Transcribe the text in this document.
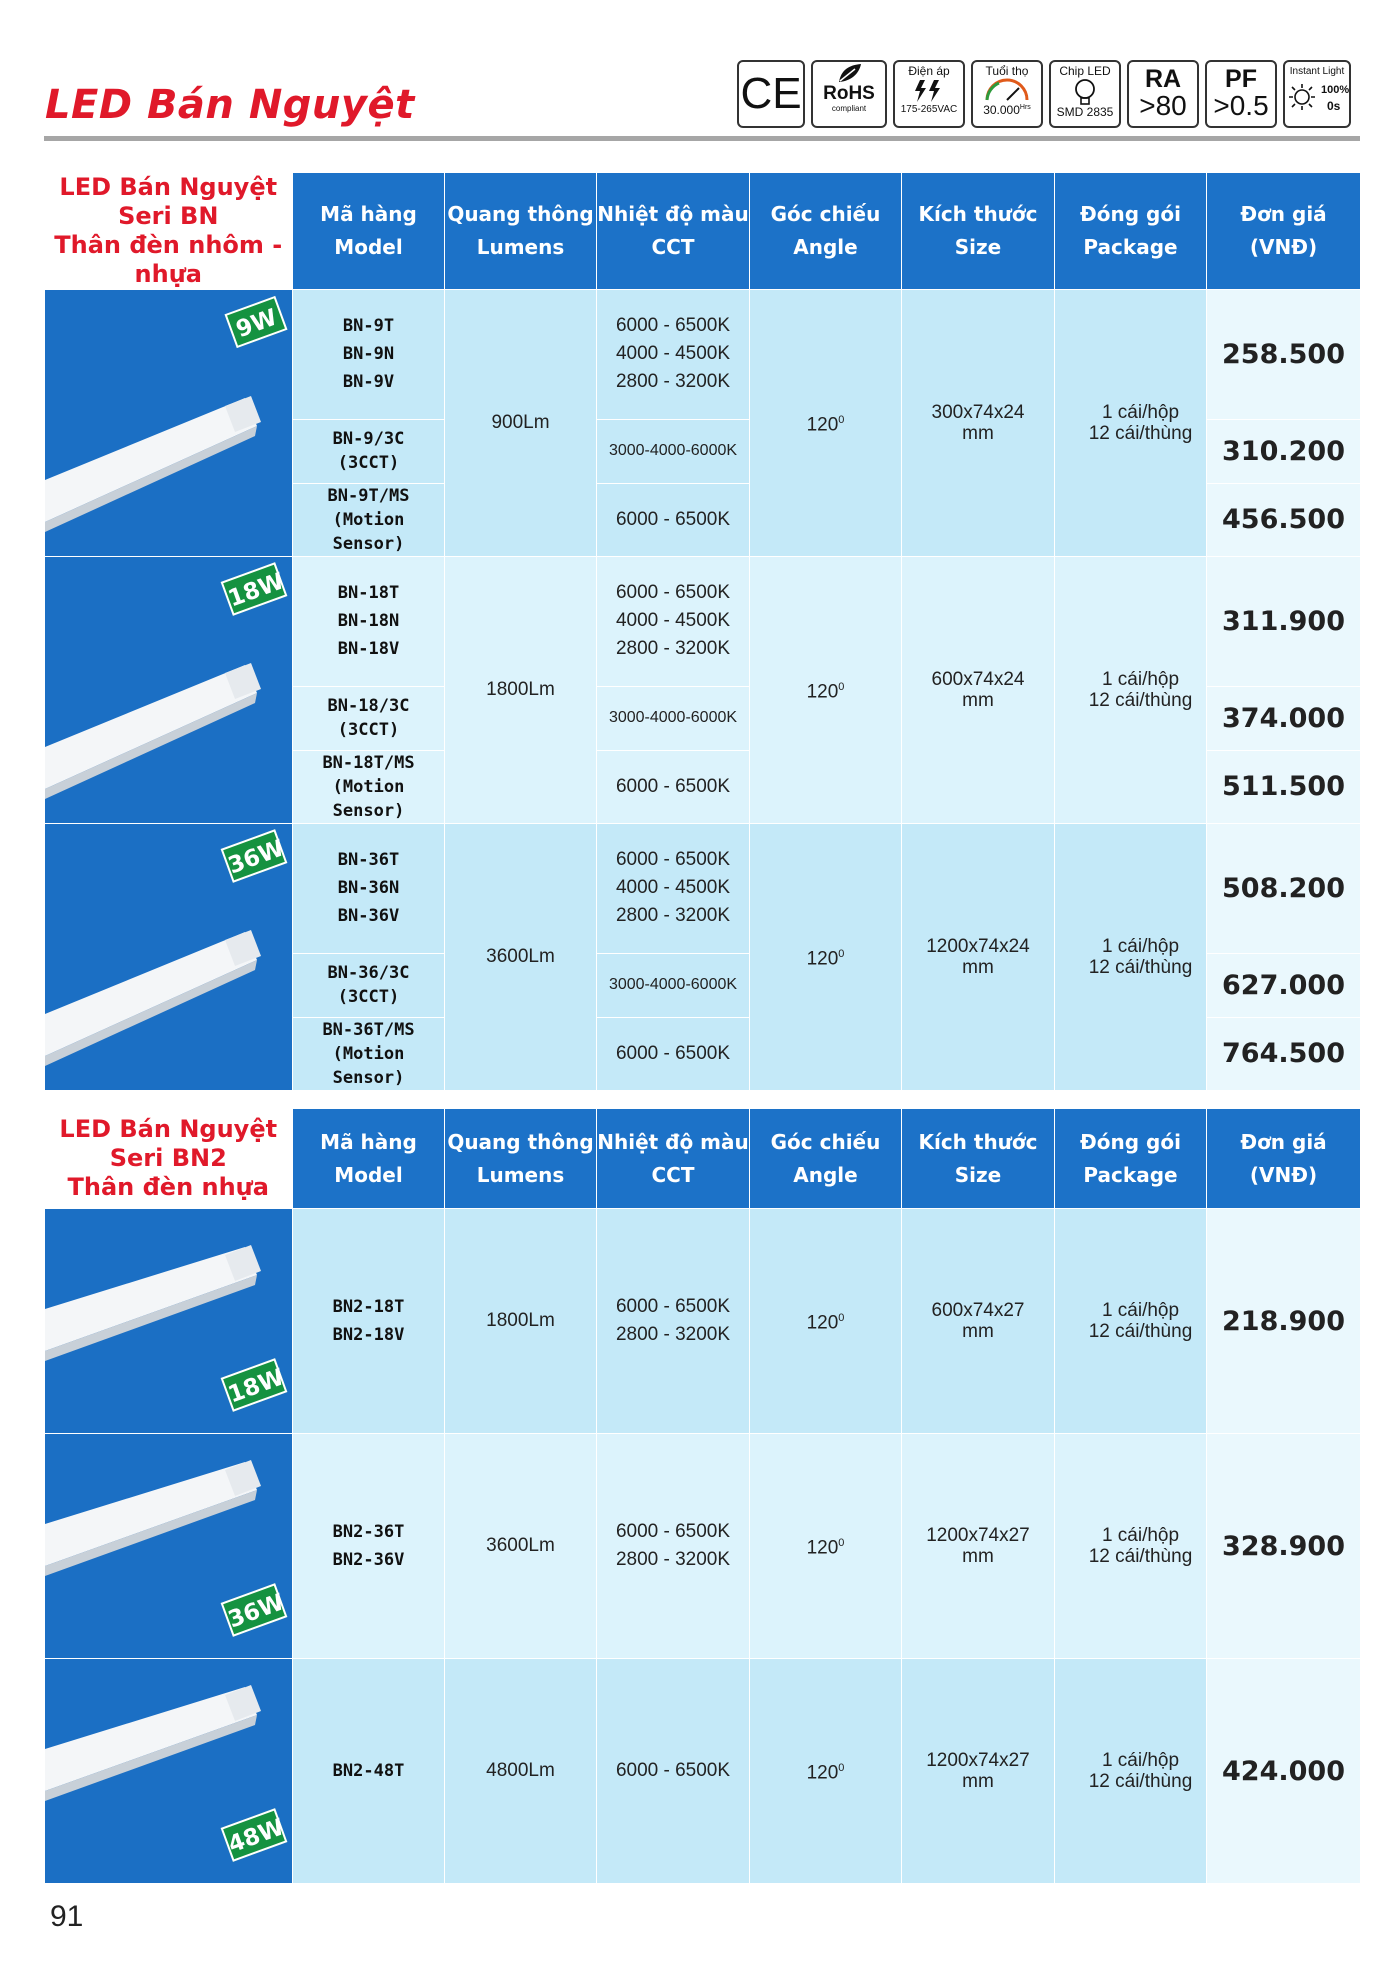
LED Bán Nguyệt	CE	RoHS
compliant
Điện áp
175-265VAC
Tuổi thọ
$30.000^{Hrs}$
Chip LED
SMD 2835
RA
>80
PF
>0.5
Instant Light
100%
0s
LED Bán Nguyệt
Seri BN
Thân đèn nhôm - nhựa	Mã hàng
Model	Quang thông
Lumens	Nhiệt độ màu
CCT	Góc chiếu
Angle	Kích thước
Size	Đóng gói
Package	Đơn giá
(VNĐ)

9W	BN-9T
BN-9N
BN-9V	900Lm	6000 - 6500K
4000 - 4500K
2800 - 3200K	$120^0$	300x74x24
mm	1 cái/hộp
12 cái/thùng	258.500

	BN-9/3C
(3CCT)		3000-4000-6000K				310.200

	BN-9T/MS
(Motion Sensor)		6000 - 6500K				456.500

18W	BN-18T
BN-18N
BN-18V	1800Lm	6000 - 6500K
4000 - 4500K
2800 - 3200K	$120^0$	600x74x24
mm	1 cái/hộp
12 cái/thùng	311.900

	BN-18/3C
(3CCT)		3000-4000-6000K				374.000

	BN-18T/MS
(Motion Sensor)		6000 - 6500K				511.500

36W	BN-36T
BN-36N
BN-36V	3600Lm	6000 - 6500K
4000 - 4500K
2800 - 3200K	$120^0$	1200x74x24
mm	1 cái/hộp
12 cái/thùng	508.200

	BN-36/3C
(3CCT)		3000-4000-6000K				627.000

	BN-36T/MS
(Motion Sensor)		6000 - 6500K				764.500
LED Bán Nguyệt
Seri BN2
Thân đèn nhựa	Mã hàng
Model	Quang thông
Lumens	Nhiệt độ màu
CCT	Góc chiếu
Angle	Kích thước
Size	Đóng gói
Package	Đơn giá
(VNĐ)

18W	BN2-18T
BN2-18V	1800Lm	6000 - 6500K
2800 - 3200K	$120^0$	600x74x27
mm	1 cái/hộp
12 cái/thùng	218.900

36W	BN2-36T
BN2-36V	3600Lm	6000 - 6500K
2800 - 3200K	$120^0$	1200x74x27
mm	1 cái/hộp
12 cái/thùng	328.900

48W	BN2-48T	4800Lm	6000 - 6500K	$120^0$	1200x74x27
mm	1 cái/hộp
12 cái/thùng	424.000
91
